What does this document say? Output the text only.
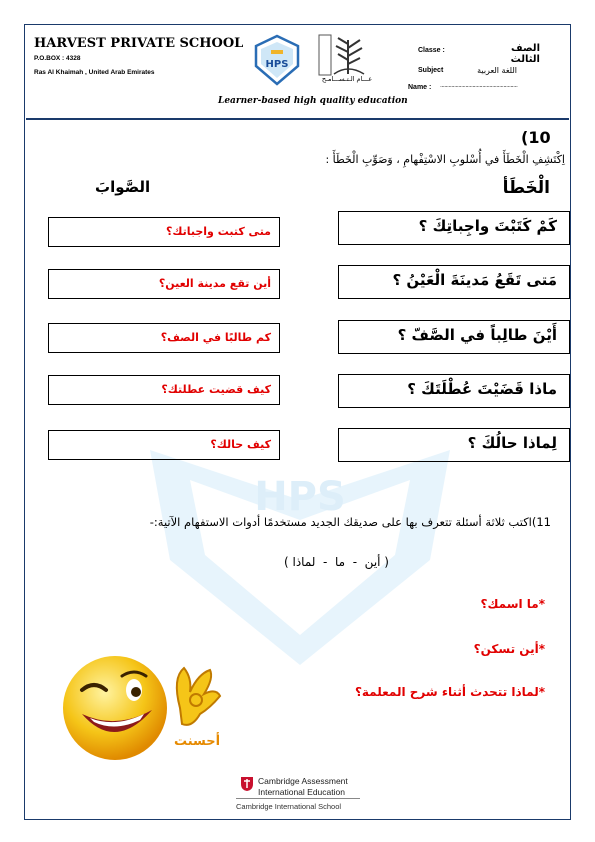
HPS
HARVEST PRIVATE SCHOOL
P.O.BOX : 4328
Ras Al Khaimah , United Arab Emirates
HPS
عـــام الـتـســـامـح
Classe :	الصف الثالث
Subject	اللغة العربية
Name : .......................................................
Learner-based high quality education
(10
اِكْتَشِفِ الْخَطَأَ في أُسْلوبِ الاسْتِفْهامِ ، وَصَوِّبِ الْخَطَأَ :
الْخَطَأ
الصَّوابَ
كَمْ كَتَبْتَ واجِباتِكَ ؟
متى كتبت واجباتك؟
مَتى تَقَعُ مَدينَةَ الْعَيْنُ ؟
أين تقع مدينة العين؟
أَيْنَ طالِباً في الصَّفّ ؟
كم طالبًا في الصف؟
ماذا قَضَيْتَ عُطْلَتَكَ ؟
كيف قضيت عطلتك؟
لِماذا حالُكَ ؟
كيف حالك؟
11)اكتب ثلاثة أسئلة تتعرف بها على صديقك الجديد مستخدمًا أدوات الاستفهام الآتية:-
( أين  -  ما  -  لماذا )
*ما اسمك؟
*أين تسكن؟
*لماذا تتحدث أثناء شرح المعلمة؟
أحسنت
Cambridge Assessment
International Education
Cambridge International School
